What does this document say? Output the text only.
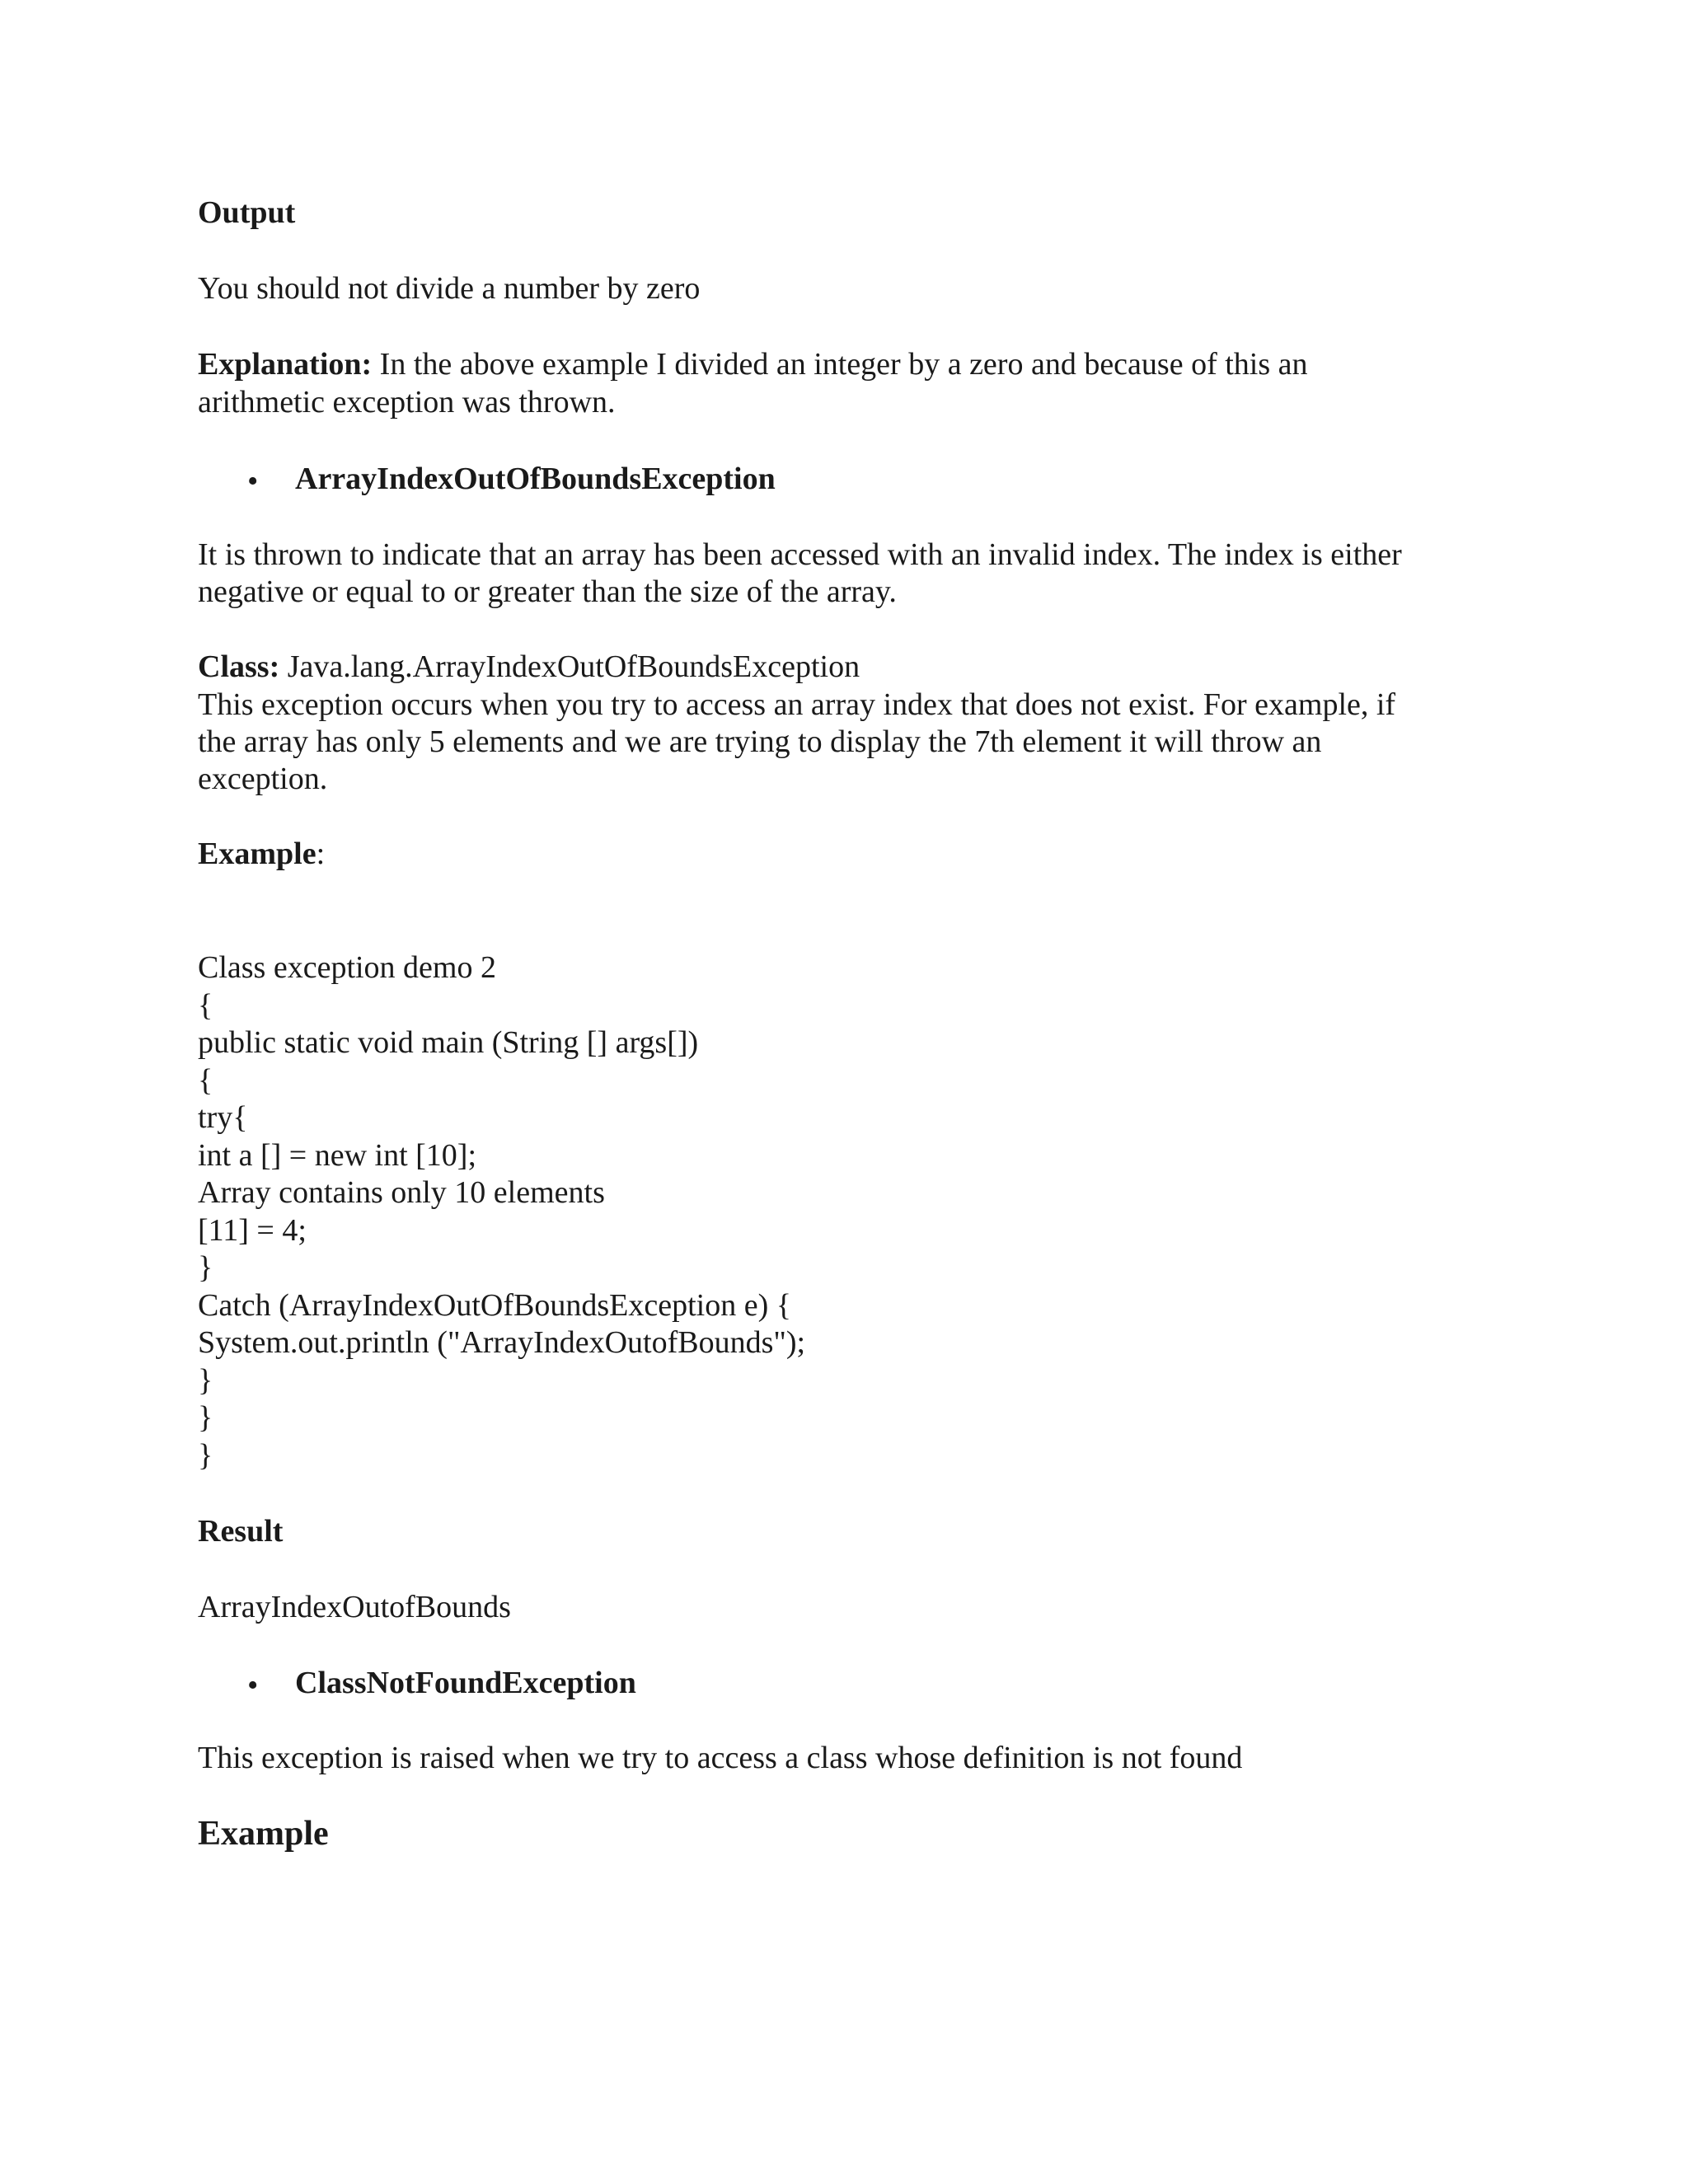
Output

You should not divide a number by zero

Explanation: In the above example I divided an integer by a zero and because of this an

arithmetic exception was thrown.

• ArrayIndexOutOfBoundsException

It is thrown to indicate that an array has been accessed with an invalid index. The index is either

negative or equal to or greater than the size of the array.

Class: Java.lang.ArrayIndexOutOfBoundsException

This exception occurs when you try to access an array index that does not exist. For example, if

the array has only 5 elements and we are trying to display the 7th element it will throw an

exception.

Example:

Class exception demo 2
{
public static void main (String [] args[])
{
try{
int a [] = new int [10];
Array contains only 10 elements
[11] = 4;
}
Catch (ArrayIndexOutOfBoundsException e) {
System.out.println ("ArrayIndexOutofBounds");
}
}
}

Result

ArrayIndexOutofBounds

• ClassNotFoundException

This exception is raised when we try to access a class whose definition is not found

Example
